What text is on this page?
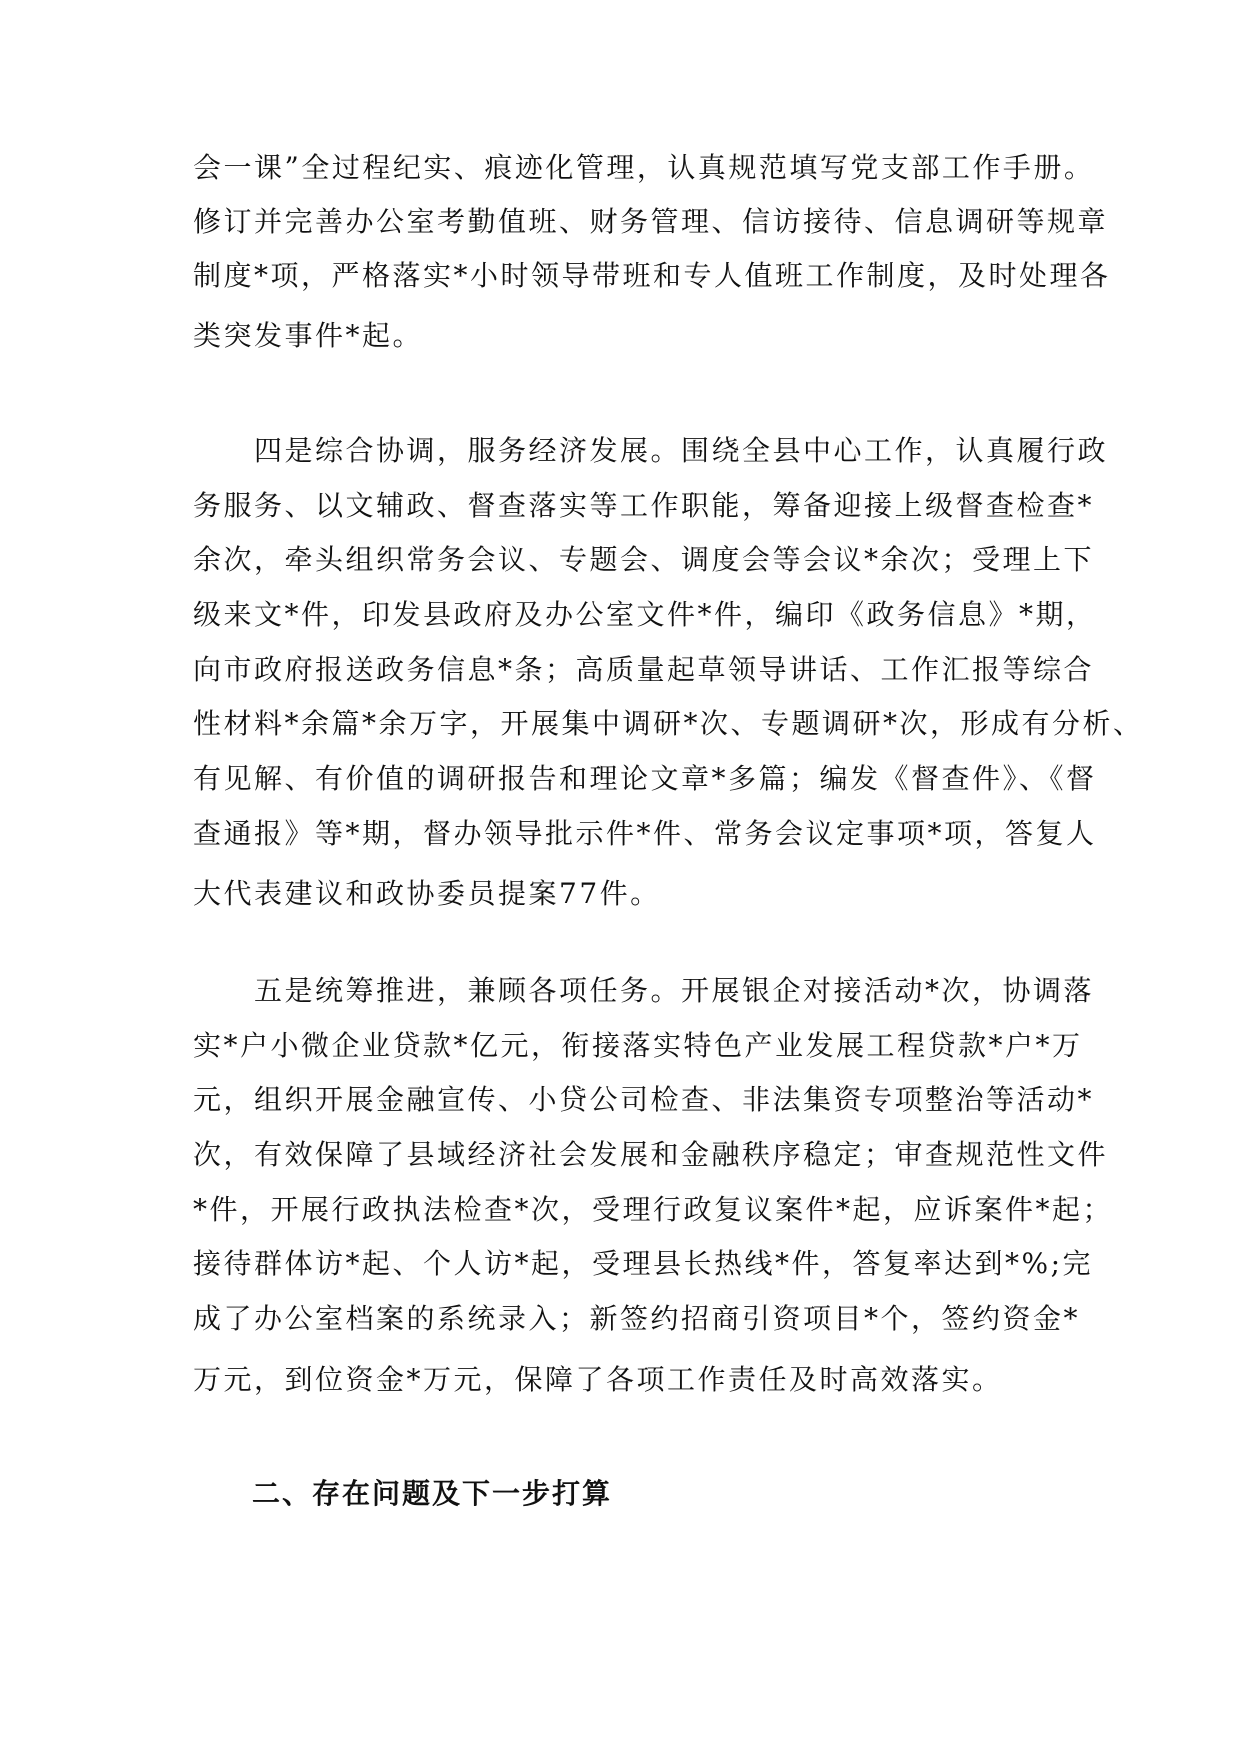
会一课”全过程纪实、痕迹化管理，认真规范填写党支部工作手册。
修订并完善办公室考勤值班、财务管理、信访接待、信息调研等规章
制度*项，严格落实*小时领导带班和专人值班工作制度，及时处理各
类突发事件*起。
　　四是综合协调，服务经济发展。围绕全县中心工作，认真履行政
务服务、以文辅政、督查落实等工作职能，筹备迎接上级督查检查*
余次，牵头组织常务会议、专题会、调度会等会议*余次；受理上下
级来文*件，印发县政府及办公室文件*件，编印《政务信息》*期，
向市政府报送政务信息*条；高质量起草领导讲话、工作汇报等综合
性材料*余篇*余万字，开展集中调研*次、专题调研*次，形成有分析、
有见解、有价值的调研报告和理论文章*多篇；编发《督查件》、《督
查通报》等*期，督办领导批示件*件、常务会议定事项*项，答复人
大代表建议和政协委员提案77件。
　　五是统筹推进，兼顾各项任务。开展银企对接活动*次，协调落
实*户小微企业贷款*亿元，衔接落实特色产业发展工程贷款*户*万
元，组织开展金融宣传、小贷公司检查、非法集资专项整治等活动*
次，有效保障了县域经济社会发展和金融秩序稳定；审查规范性文件
*件，开展行政执法检查*次，受理行政复议案件*起，应诉案件*起；
接待群体访*起、个人访*起，受理县长热线*件，答复率达到*%;完
成了办公室档案的系统录入；新签约招商引资项目*个，签约资金*
万元，到位资金*万元，保障了各项工作责任及时高效落实。
二、存在问题及下一步打算
